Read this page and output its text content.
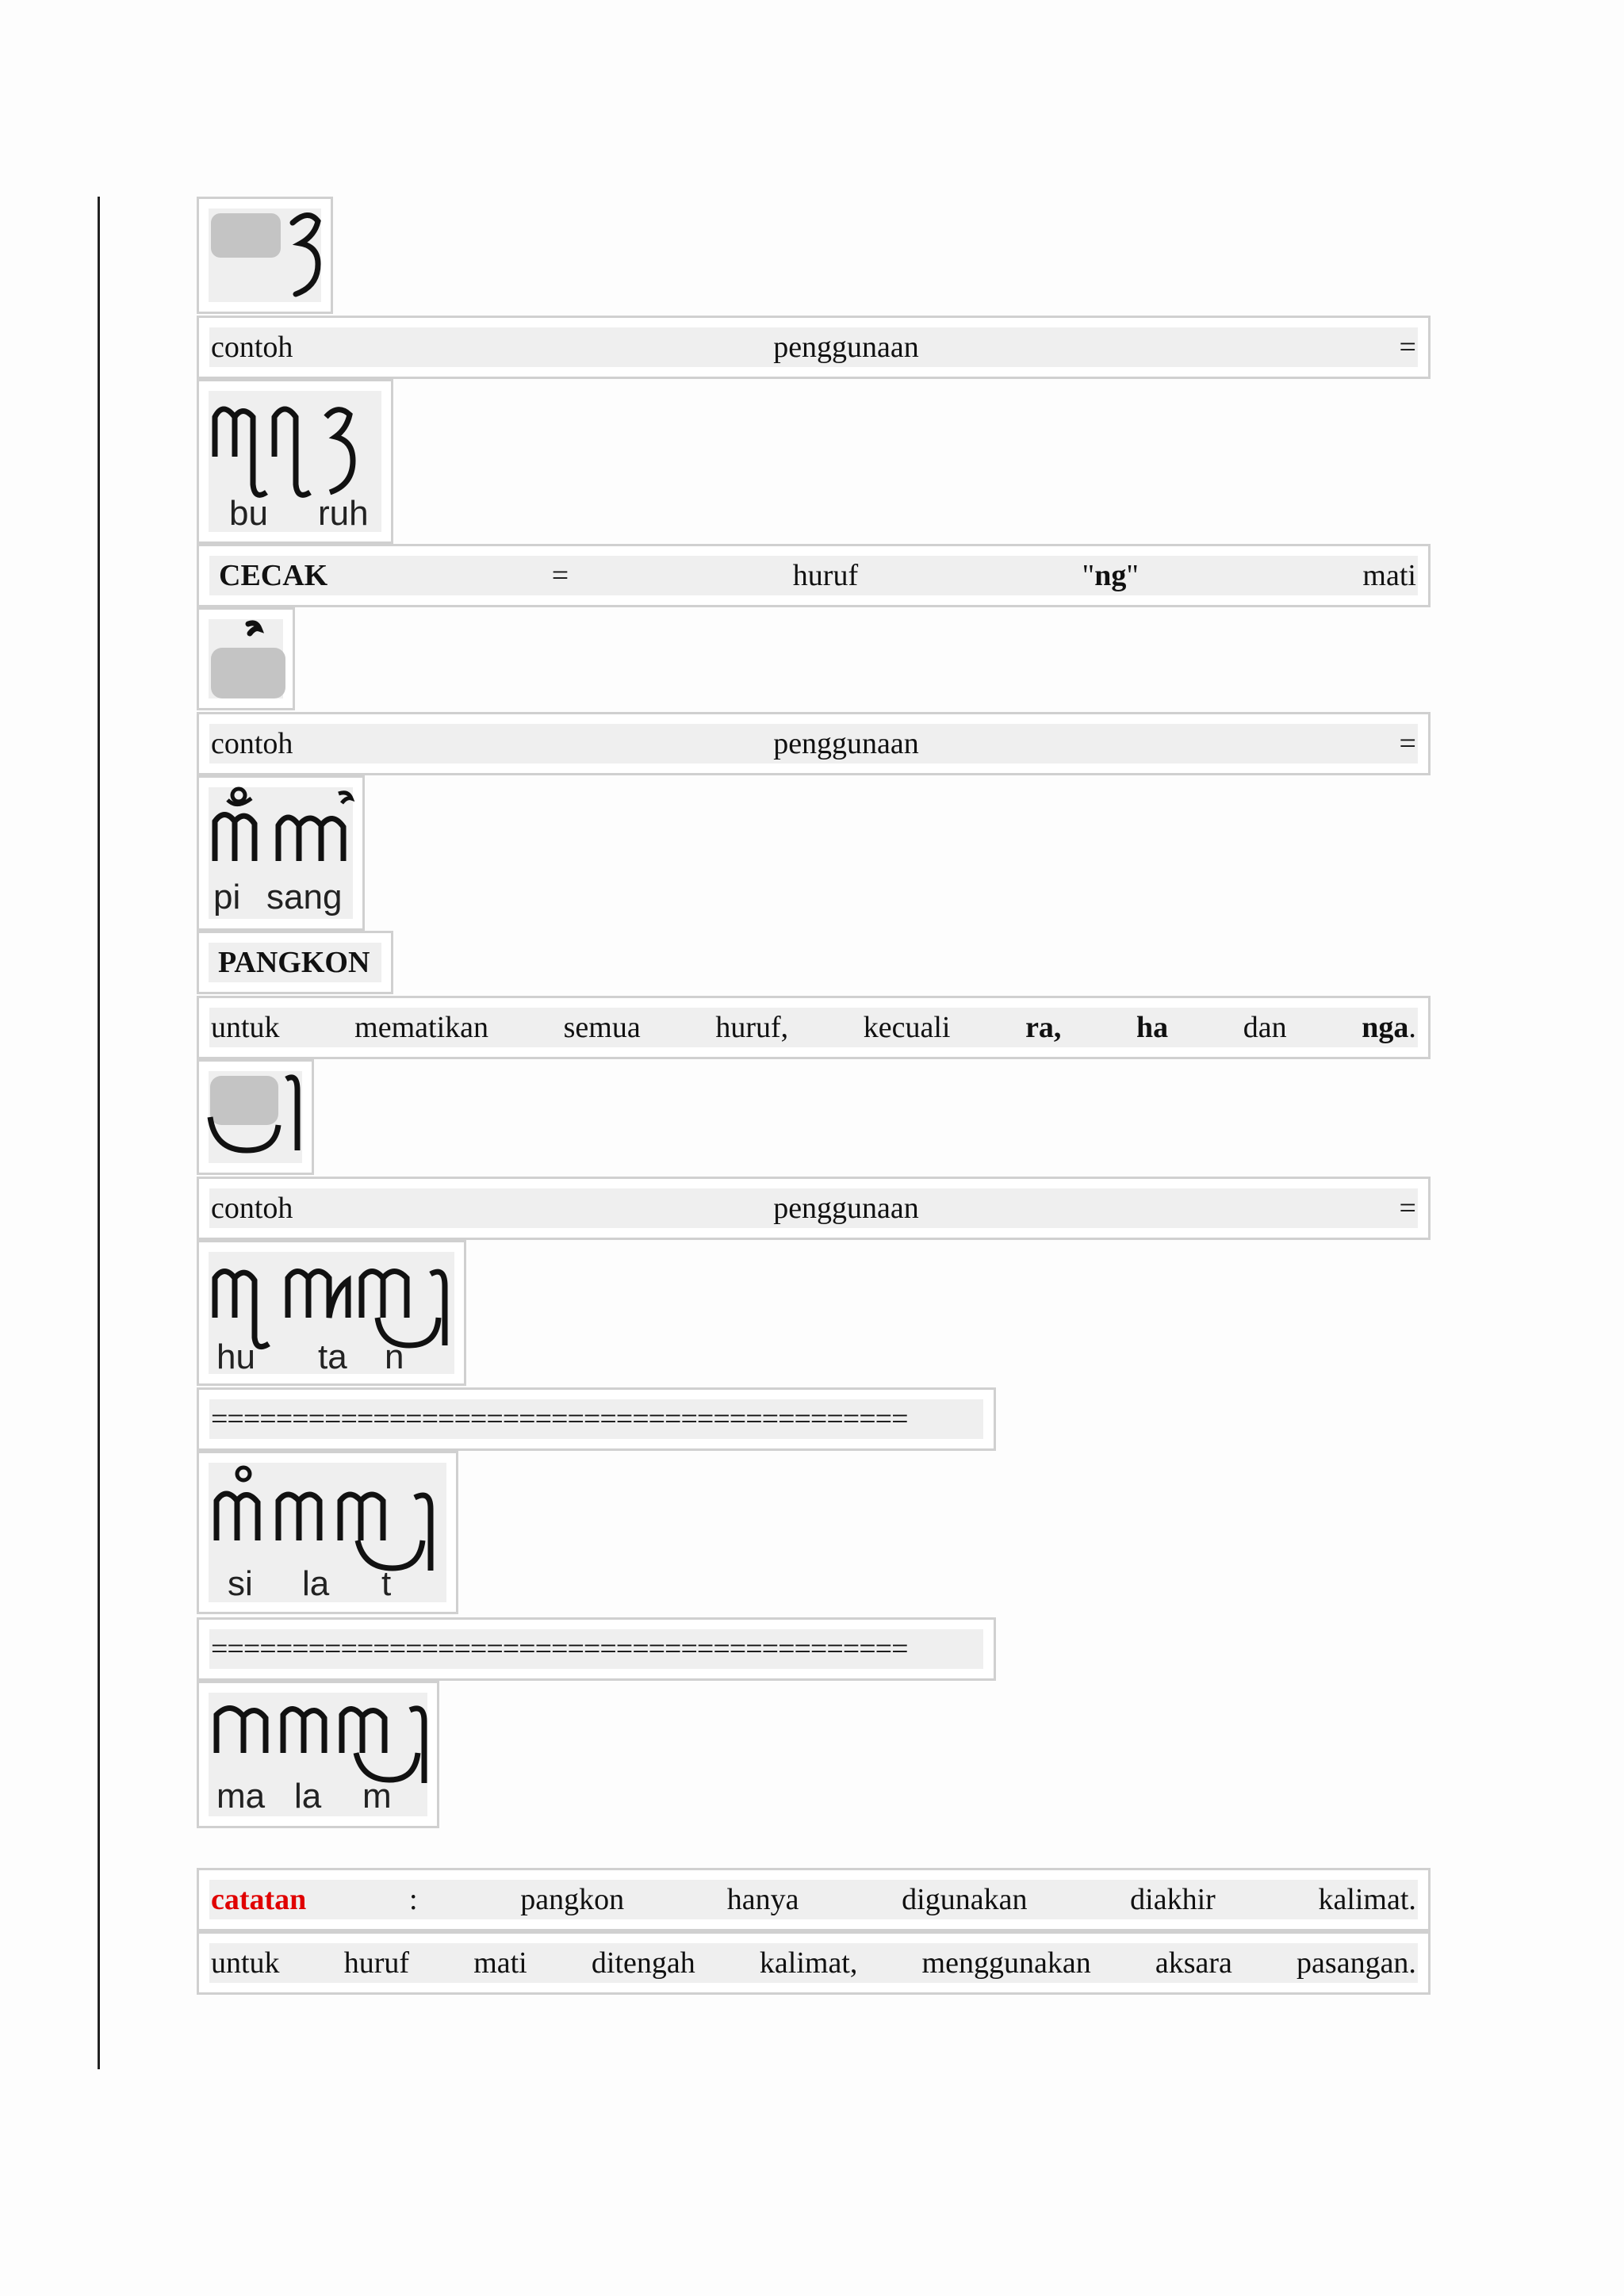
contoh	penggunaan	=
bu ruh
CECAK	=	huruf	"ng"	mati
contoh	penggunaan	=
pi sang
PANGKON
untuk mematikan semua huruf, kecuali ra, ha dan nga.
contoh	penggunaan	=
hu ta n
===========================================
si la t
===========================================
ma la m
catatan	:	pangkon	hanya	digunakan	diakhir	kalimat.
untuk huruf mati ditengah kalimat, menggunakan aksara pasangan.
